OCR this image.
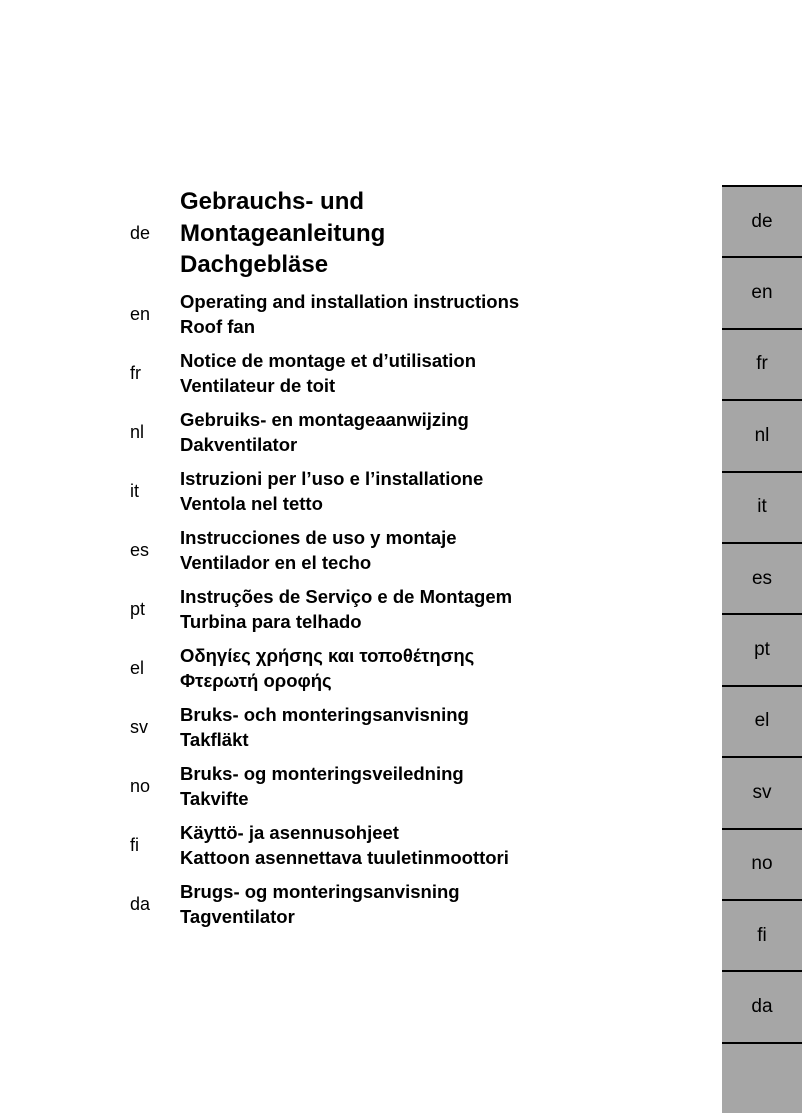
de
Gebrauchs- und
Montageanleitung
Dachgebläse
en
Operating and installation instructions
Roof fan
fr
Notice de montage et d’utilisation
Ventilateur de toit
nl
Gebruiks- en montageaanwijzing
Dakventilator
it
Istruzioni per l’uso e l’installatione
Ventola nel tetto
es
Instrucciones de uso y montaje
Ventilador en el techo
pt
Instruções de Serviço e de Montagem
Turbina para telhado
el
Οδηγίες χρήσης και τοποθέτησης
Φτερωτή οροφής
sv
Bruks- och monteringsanvisning
Takfläkt
no
Bruks- og monteringsveiledning
Takvifte
fi
Käyttö- ja asennusohjeet
Kattoon asennettava tuuletinmoottori
da
Brugs- og monteringsanvisning
Tagventilator
de
en
fr
nl
it
es
pt
el
sv
no
fi
da
